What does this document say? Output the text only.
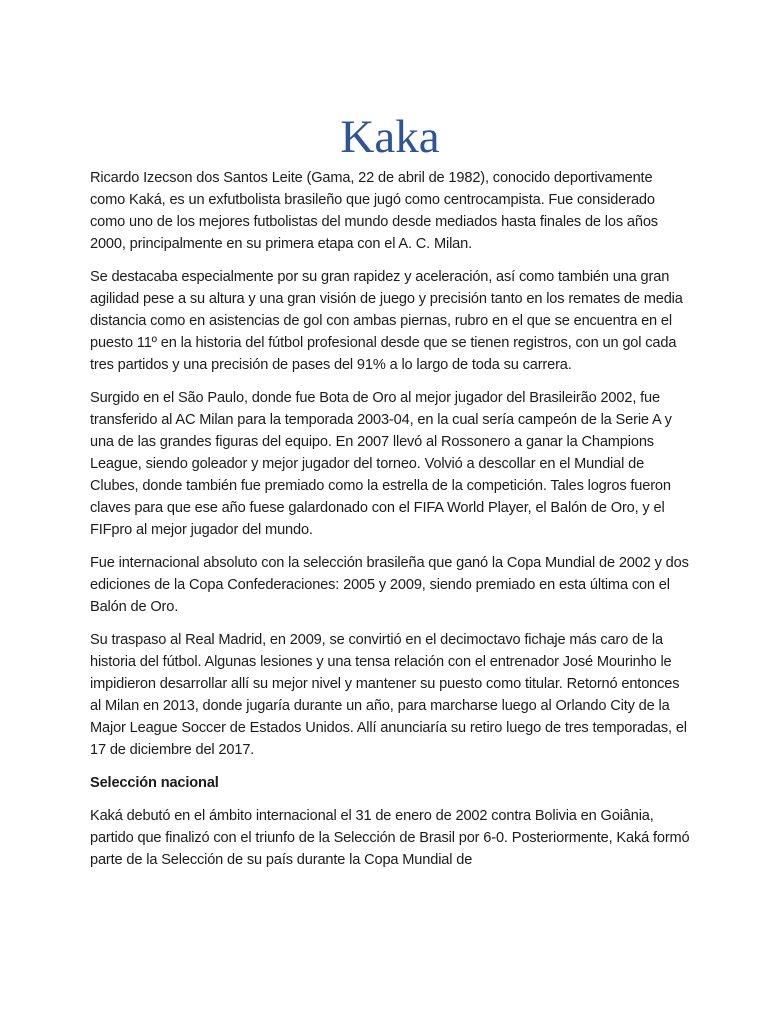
Kaka

Ricardo Izecson dos Santos Leite (Gama, 22 de abril de 1982), conocido deportivamente como Kaká, es un exfutbolista brasileño que jugó como centrocampista. Fue considerado como uno de los mejores futbolistas del mundo desde mediados hasta finales de los años 2000, principalmente en su primera etapa con el A. C. Milan.

Se destacaba especialmente por su gran rapidez y aceleración, así como también una gran agilidad pese a su altura y una gran visión de juego y precisión tanto en los remates de media distancia como en asistencias de gol con ambas piernas, rubro en el que se encuentra en el puesto 11º en la historia del fútbol profesional desde que se tienen registros, con un gol cada tres partidos y una precisión de pases del 91% a lo largo de toda su carrera.

Surgido en el São Paulo, donde fue Bota de Oro al mejor jugador del Brasileirão 2002, fue transferido al AC Milan para la temporada 2003-04, en la cual sería campeón de la Serie A y una de las grandes figuras del equipo. En 2007 llevó al Rossonero a ganar la Champions League, siendo goleador y mejor jugador del torneo. Volvió a descollar en el Mundial de Clubes, donde también fue premiado como la estrella de la competición. Tales logros fueron claves para que ese año fuese galardonado con el FIFA World Player, el Balón de Oro, y el FIFpro al mejor jugador del mundo.

Fue internacional absoluto con la selección brasileña que ganó la Copa Mundial de 2002 y dos ediciones de la Copa Confederaciones: 2005 y 2009, siendo premiado en esta última con el Balón de Oro.

Su traspaso al Real Madrid, en 2009, se convirtió en el decimoctavo fichaje más caro de la historia del fútbol. Algunas lesiones y una tensa relación con el entrenador José Mourinho le impidieron desarrollar allí su mejor nivel y mantener su puesto como titular. Retornó entonces al Milan en 2013, donde jugaría durante un año, para marcharse luego al Orlando City de la Major League Soccer de Estados Unidos. Allí anunciaría su retiro luego de tres temporadas, el 17 de diciembre del 2017.

Selección nacional

Kaká debutó en el ámbito internacional el 31 de enero de 2002 contra Bolivia en Goiânia, partido que finalizó con el triunfo de la Selección de Brasil por 6-0. Posteriormente, Kaká formó parte de la Selección de su país durante la Copa Mundial de
